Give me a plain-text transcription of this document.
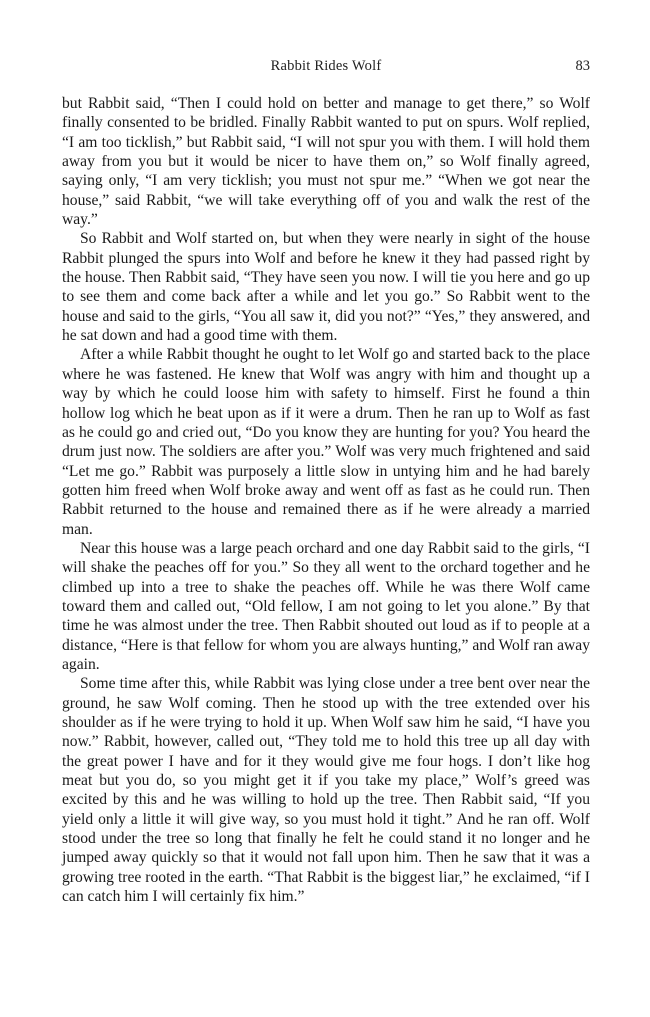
Rabbit Rides Wolf	83

but Rabbit said, “Then I could hold on better and manage to get there,” so Wolf finally consented to be bridled. Finally Rabbit wanted to put on spurs. Wolf replied, “I am too ticklish,” but Rabbit said, “I will not spur you with them. I will hold them away from you but it would be nicer to have them on,” so Wolf finally agreed, saying only, “I am very ticklish; you must not spur me.” “When we got near the house,” said Rabbit, “we will take everything off of you and walk the rest of the way.”

So Rabbit and Wolf started on, but when they were nearly in sight of the house Rabbit plunged the spurs into Wolf and before he knew it they had passed right by the house. Then Rabbit said, “They have seen you now. I will tie you here and go up to see them and come back after a while and let you go.” So Rabbit went to the house and said to the girls, “You all saw it, did you not?” “Yes,” they answered, and he sat down and had a good time with them.

After a while Rabbit thought he ought to let Wolf go and started back to the place where he was fastened. He knew that Wolf was angry with him and thought up a way by which he could loose him with safety to himself. First he found a thin hollow log which he beat upon as if it were a drum. Then he ran up to Wolf as fast as he could go and cried out, “Do you know they are hunting for you? You heard the drum just now. The soldiers are after you.” Wolf was very much frightened and said “Let me go.” Rabbit was purposely a little slow in untying him and he had barely gotten him freed when Wolf broke away and went off as fast as he could run. Then Rabbit returned to the house and remained there as if he were already a married man.

Near this house was a large peach orchard and one day Rabbit said to the girls, “I will shake the peaches off for you.” So they all went to the orchard together and he climbed up into a tree to shake the peaches off. While he was there Wolf came toward them and called out, “Old fellow, I am not going to let you alone.” By that time he was almost under the tree. Then Rabbit shouted out loud as if to people at a distance, “Here is that fellow for whom you are always hunting,” and Wolf ran away again.

Some time after this, while Rabbit was lying close under a tree bent over near the ground, he saw Wolf coming. Then he stood up with the tree extended over his shoulder as if he were trying to hold it up. When Wolf saw him he said, “I have you now.” Rabbit, however, called out, “They told me to hold this tree up all day with the great power I have and for it they would give me four hogs. I don’t like hog meat but you do, so you might get it if you take my place,” Wolf’s greed was excited by this and he was willing to hold up the tree. Then Rabbit said, “If you yield only a little it will give way, so you must hold it tight.” And he ran off. Wolf stood under the tree so long that finally he felt he could stand it no longer and he jumped away quickly so that it would not fall upon him. Then he saw that it was a growing tree rooted in the earth. “That Rabbit is the biggest liar,” he exclaimed, “if I can catch him I will certainly fix him.”
